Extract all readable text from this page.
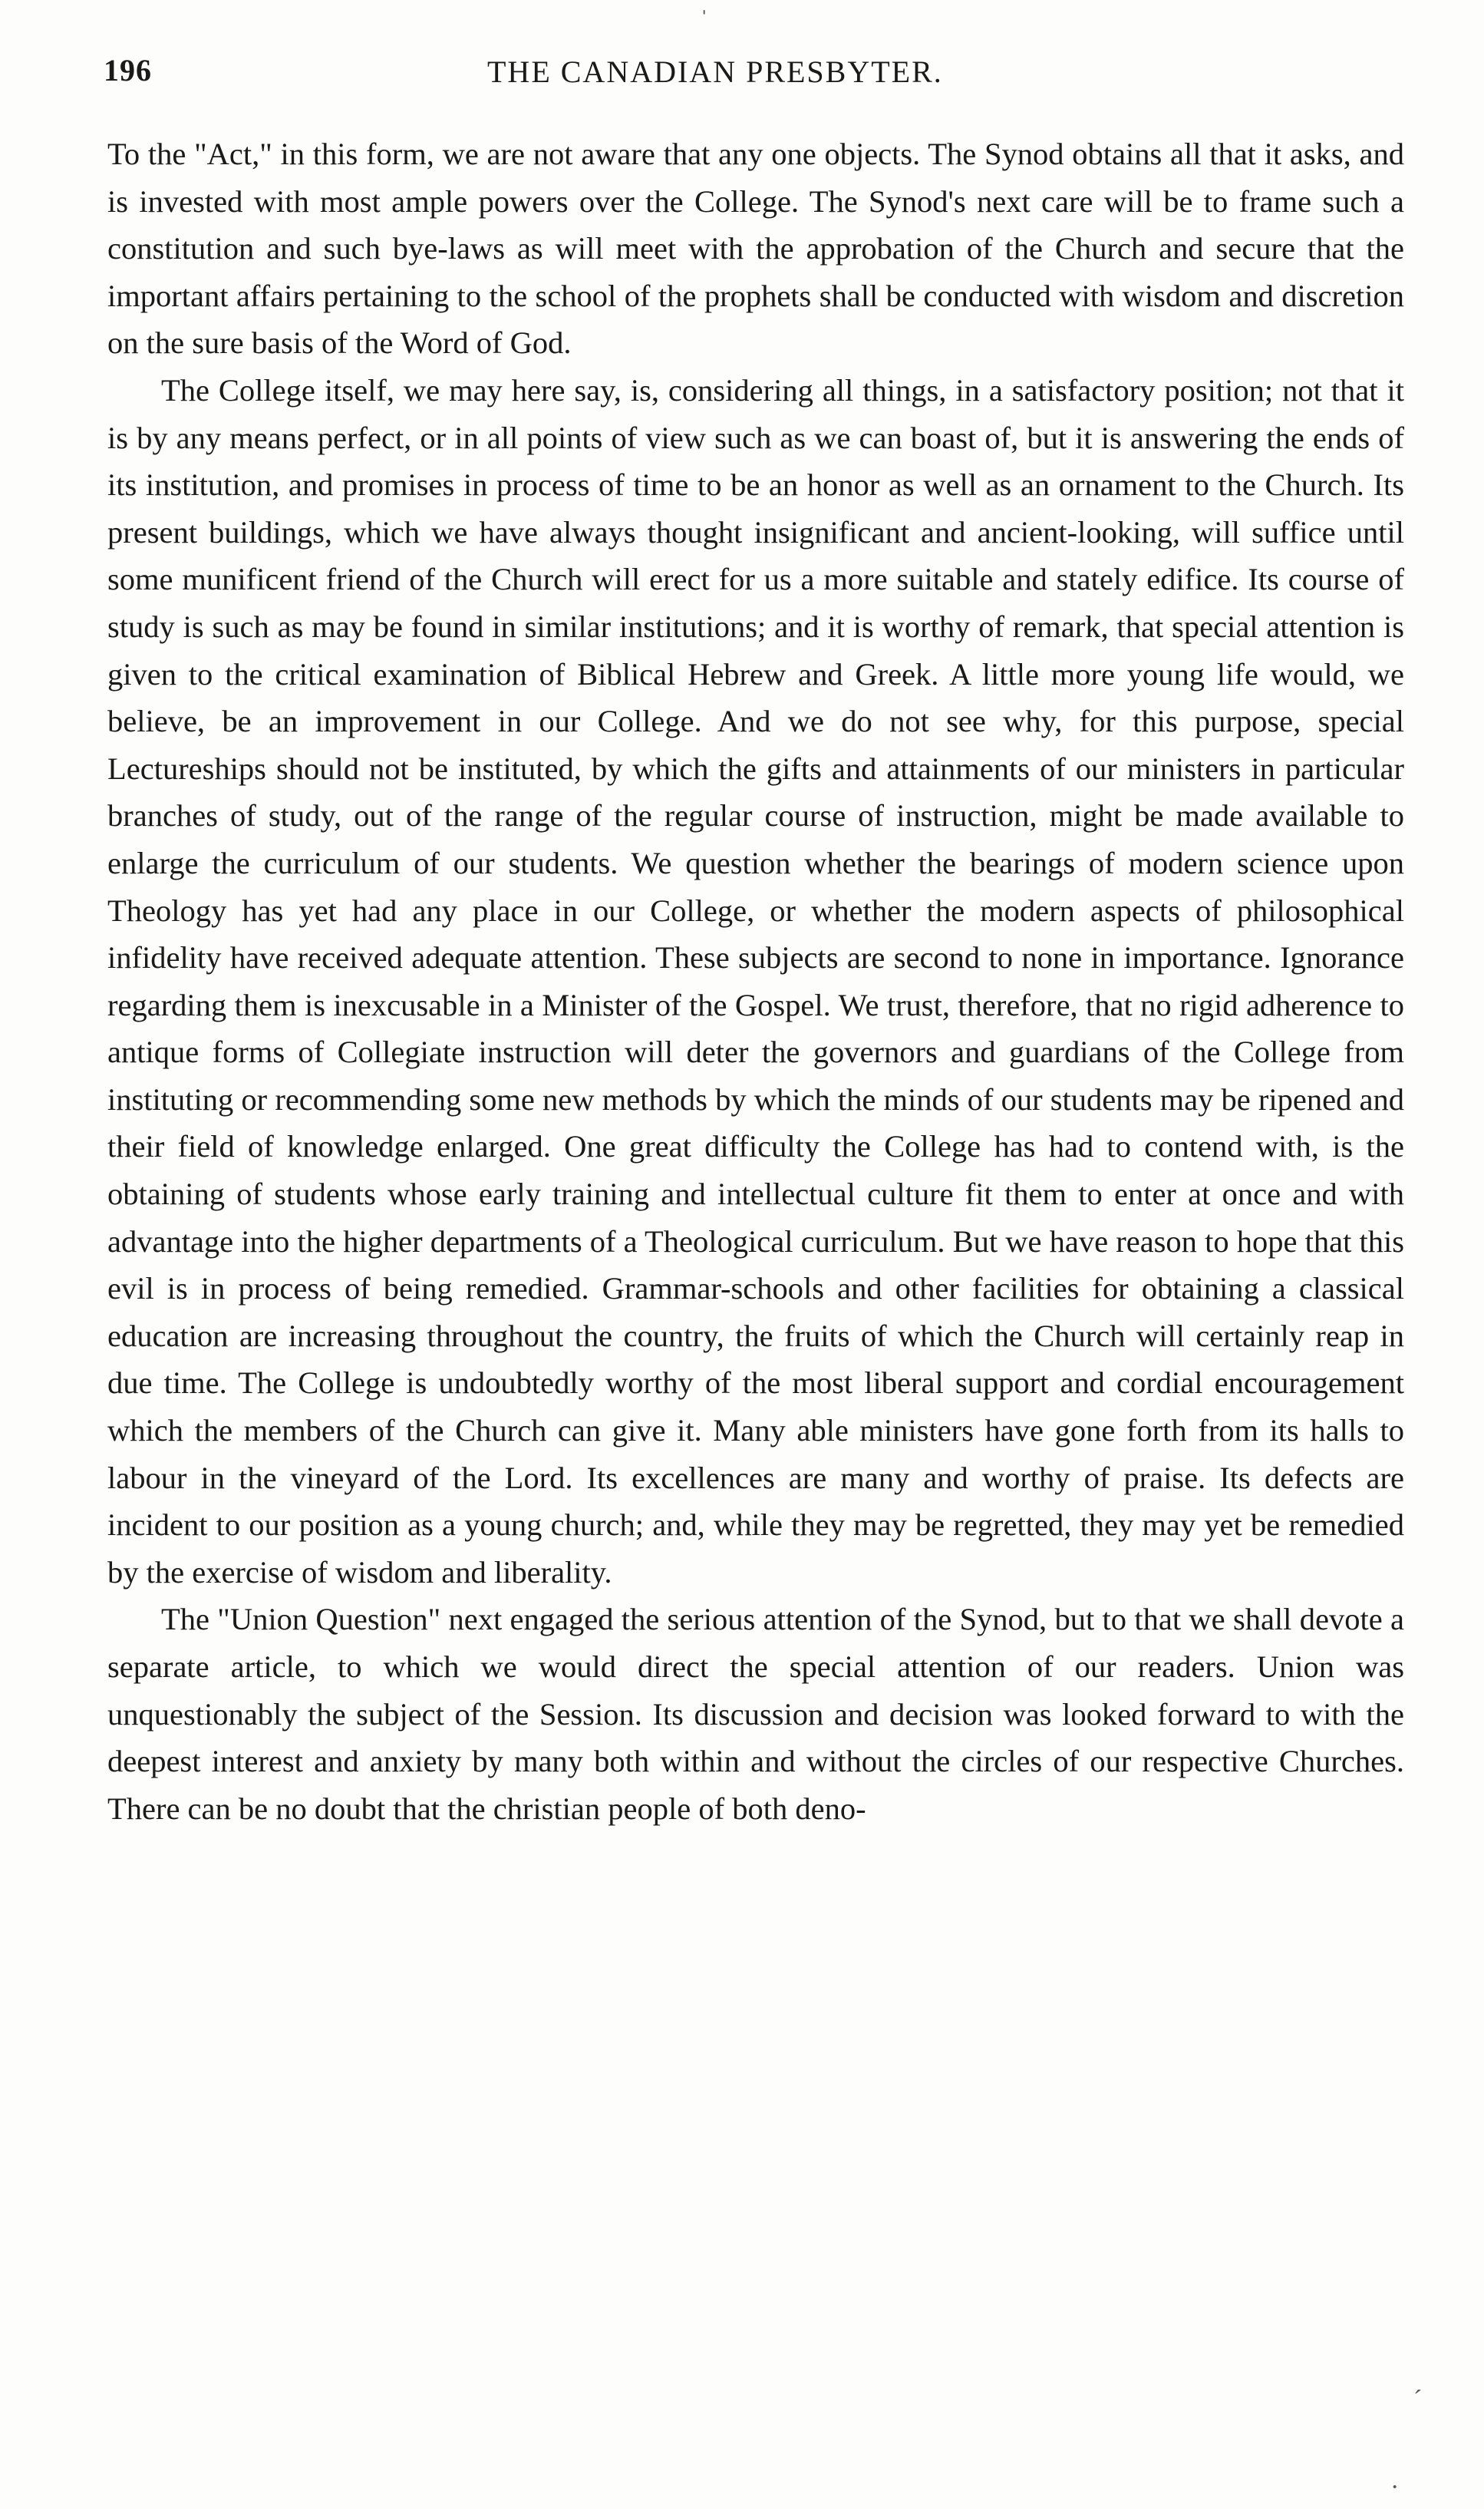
196	THE CANADIAN PRESBYTER.

To the "Act," in this form, we are not aware that any one objects. The Synod obtains all that it asks, and is invested with most ample powers over the College. The Synod's next care will be to frame such a constitution and such bye-laws as will meet with the approbation of the Church and secure that the important affairs pertaining to the school of the prophets shall be conducted with wisdom and discretion on the sure basis of the Word of God.

The College itself, we may here say, is, considering all things, in a satisfactory position; not that it is by any means perfect, or in all points of view such as we can boast of, but it is answering the ends of its institution, and promises in process of time to be an honor as well as an ornament to the Church. Its present buildings, which we have always thought insignificant and ancient-looking, will suffice until some munificent friend of the Church will erect for us a more suitable and stately edifice. Its course of study is such as may be found in similar institutions; and it is worthy of remark, that special attention is given to the critical examination of Biblical Hebrew and Greek. A little more young life would, we believe, be an improvement in our College. And we do not see why, for this purpose, special Lectureships should not be instituted, by which the gifts and attainments of our ministers in particular branches of study, out of the range of the regular course of instruction, might be made available to enlarge the curriculum of our students. We question whether the bearings of modern science upon Theology has yet had any place in our College, or whether the modern aspects of philosophical infidelity have received adequate attention. These subjects are second to none in importance. Ignorance regarding them is inexcusable in a Minister of the Gospel. We trust, therefore, that no rigid adherence to antique forms of Collegiate instruction will deter the governors and guardians of the College from instituting or recommending some new methods by which the minds of our students may be ripened and their field of knowledge enlarged. One great difficulty the College has had to contend with, is the obtaining of students whose early training and intellectual culture fit them to enter at once and with advantage into the higher departments of a Theological curriculum. But we have reason to hope that this evil is in process of being remedied. Grammar-schools and other facilities for obtaining a classical education are increasing throughout the country, the fruits of which the Church will certainly reap in due time. The College is undoubtedly worthy of the most liberal support and cordial encouragement which the members of the Church can give it. Many able ministers have gone forth from its halls to labour in the vineyard of the Lord. Its excellences are many and worthy of praise. Its defects are incident to our position as a young church; and, while they may be regretted, they may yet be remedied by the exercise of wisdom and liberality.

The "Union Question" next engaged the serious attention of the Synod, but to that we shall devote a separate article, to which we would direct the special attention of our readers. Union was unquestionably the subject of the Session. Its discussion and decision was looked forward to with the deepest interest and anxiety by many both within and without the circles of our respective Churches. There can be no doubt that the christian people of both deno-

ˈ
ˊ
·
